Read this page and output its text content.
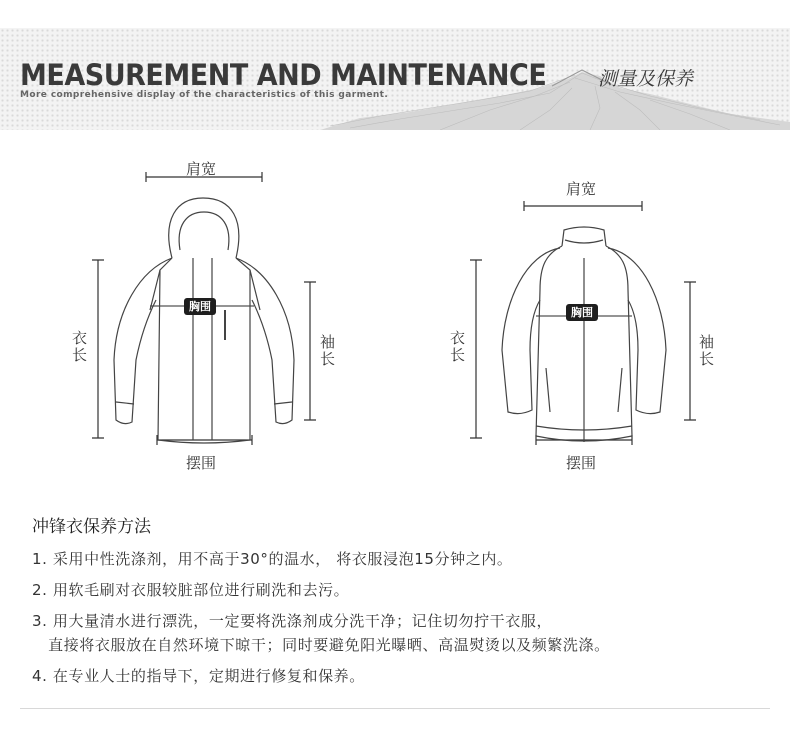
MEASUREMENT AND MAINTENANCE	测量及保养
More comprehensive display of the characteristics of this garment.
肩宽
胸围
衣长	袖长
摆围
肩宽
胸围
衣长	袖长
摆围
冲锋衣保养方法
1. 采用中性洗涤剂，用不高于30°的温水， 将衣服浸泡15分钟之内。
2. 用软毛刷对衣服较脏部位进行刷洗和去污。
3. 用大量清水进行漂洗，一定要将洗涤剂成分洗干净；记住切勿拧干衣服，
直接将衣服放在自然环境下晾干；同时要避免阳光曝晒、高温熨烫以及频繁洗涤。
4. 在专业人士的指导下，定期进行修复和保养。
